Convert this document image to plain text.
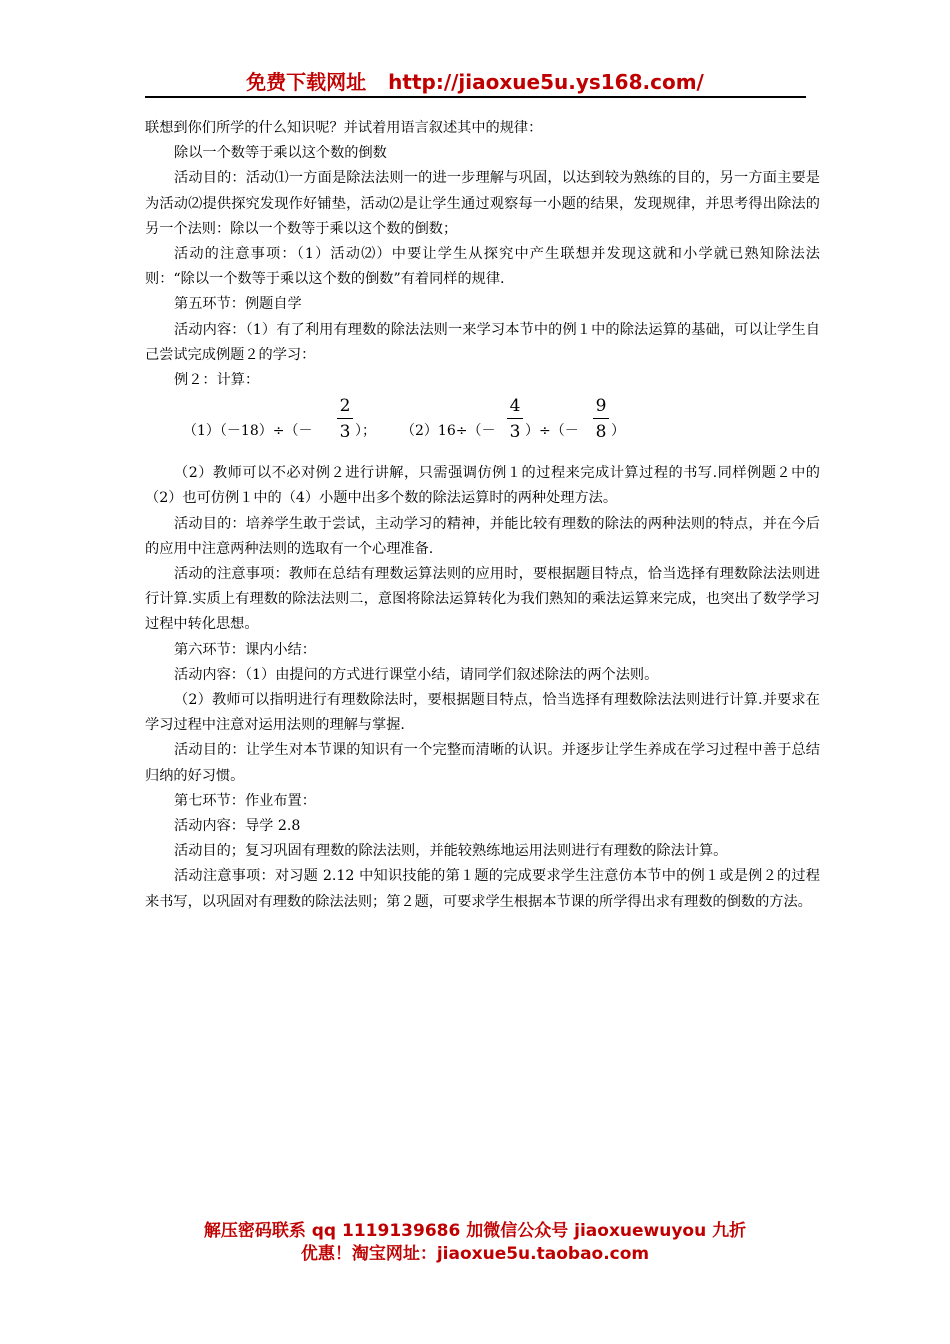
免费下载网址 http://jiaoxue5u.ys168.com/

联想到你们所学的什么知识呢？并试着用语言叙述其中的规律：

除以一个数等于乘以这个数的倒数

活动目的：活动⑴一方面是除法法则一的进一步理解与巩固，以达到较为熟练的目的，另一方面主要是为活动⑵提供探究发现作好铺垫，活动⑵是让学生通过观察每一小题的结果，发现规律，并思考得出除法的另一个法则：除以一个数等于乘以这个数的倒数；

活动的注意事项：（1）活动⑵）中要让学生从探究中产生联想并发现这就和小学就已熟知除法法则：“除以一个数等于乘以这个数的倒数”有着同样的规律.

第五环节：例题自学

活动内容：（1）有了利用有理数的除法法则一来学习本节中的例１中的除法运算的基础，可以让学生自己尝试完成例题２的学习：

例２：计算：

（1）（－18）÷（－
2
3 ）； （2）16÷（－
4
3 ）÷（－
9
8 ）

（2）教师可以不必对例２进行讲解，只需强调仿例１的过程来完成计算过程的书写.同样例题２中的（2）也可仿例１中的（4）小题中出多个数的除法运算时的两种处理方法。

活动目的：培养学生敢于尝试，主动学习的精神，并能比较有理数的除法的两种法则的特点，并在今后的应用中注意两种法则的选取有一个心理准备.

活动的注意事项：教师在总结有理数运算法则的应用时，要根据题目特点，恰当选择有理数除法法则进行计算.实质上有理数的除法法则二，意图将除法运算转化为我们熟知的乘法运算来完成，也突出了数学学习过程中转化思想。

第六环节：课内小结：

活动内容：（1）由提问的方式进行课堂小结，请同学们叙述除法的两个法则。

（2）教师可以指明进行有理数除法时，要根据题目特点，恰当选择有理数除法法则进行计算.并要求在学习过程中注意对运用法则的理解与掌握.

活动目的：让学生对本节课的知识有一个完整而清晰的认识。并逐步让学生养成在学习过程中善于总结归纳的好习惯。

第七环节：作业布置：

活动内容：导学 2.8

活动目的；复习巩固有理数的除法法则，并能较熟练地运用法则进行有理数的除法计算。

活动注意事项：对习题 2.12 中知识技能的第１题的完成要求学生注意仿本节中的例１或是例２的过程来书写，以巩固对有理数的除法法则；第２题，可要求学生根据本节课的所学得出求有理数的倒数的方法。

解压密码联系 qq 1119139686 加微信公众号 jiaoxuewuyou 九折
优惠！淘宝网址：jiaoxue5u.taobao.com
